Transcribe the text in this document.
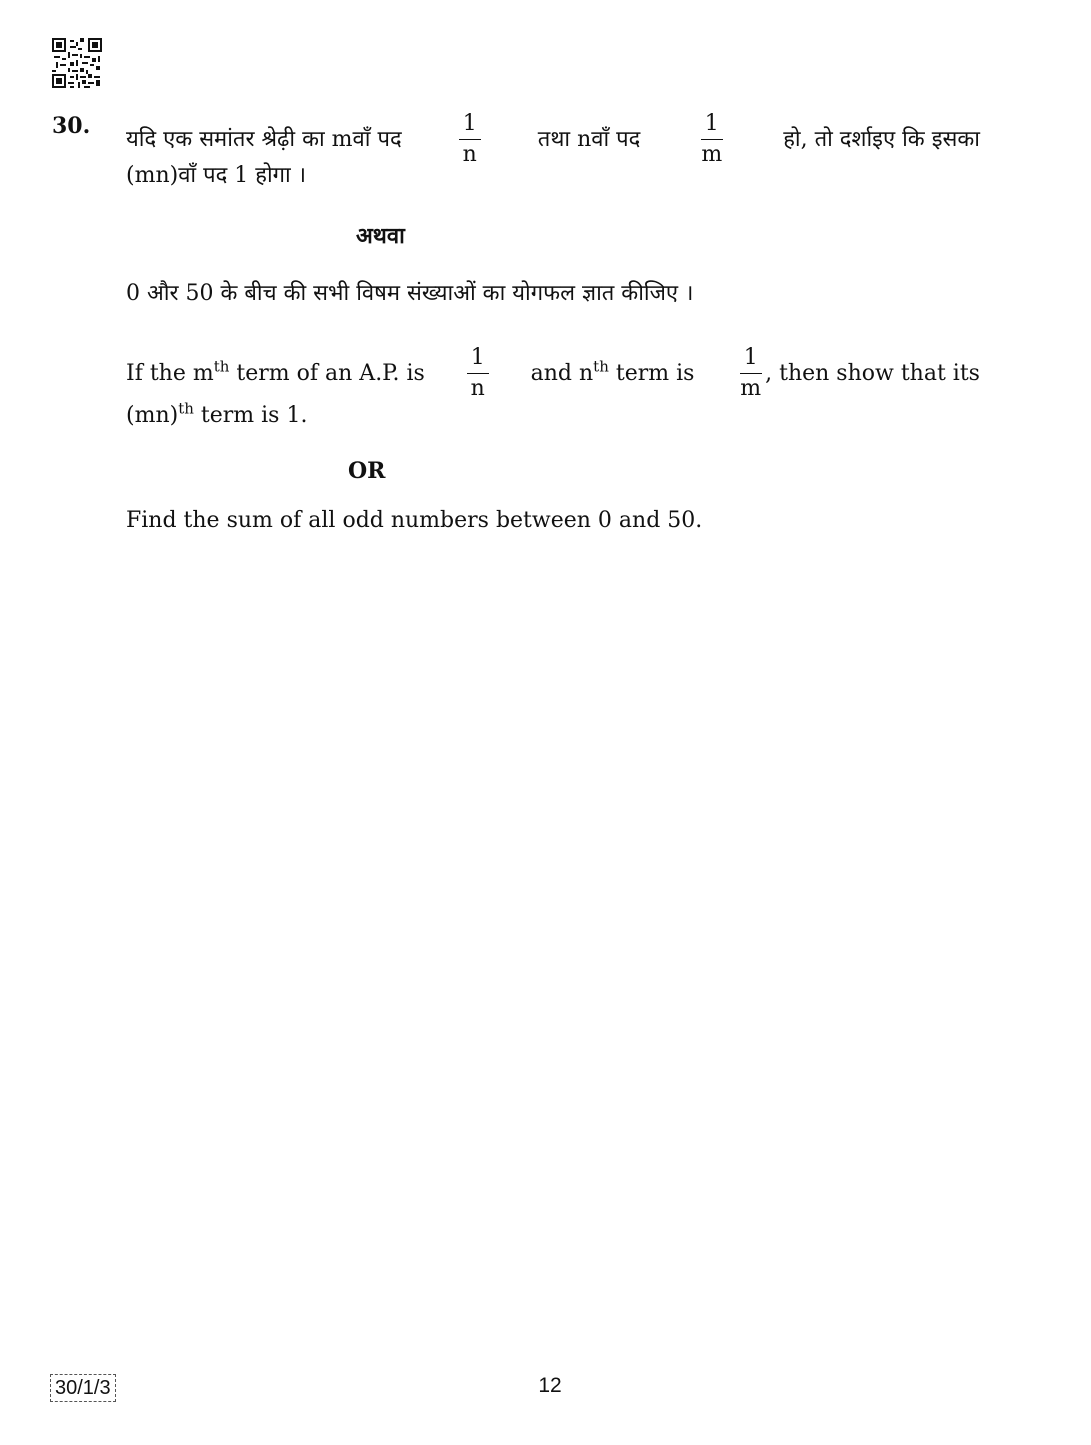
30. यदि एक समांतर श्रेढ़ी का mवाँ पद	$\frac{1}{n}$	तथा nवाँ पद	$\frac{1}{m}$	हो, तो दर्शाइए कि इसका
(mn)वाँ पद 1 होगा ।
अथवा
0 और 50 के बीच की सभी विषम संख्याओं का योगफल ज्ञात कीजिए ।
If the $m^{th}$ term of an A.P. is $\frac{1}{n}$ and $n^{th}$ term is $\frac{1}{m}$ , then show that its
(mn)$^{th}$ term is 1.
OR
Find the sum of all odd numbers between 0 and 50.
30/1/3	12
